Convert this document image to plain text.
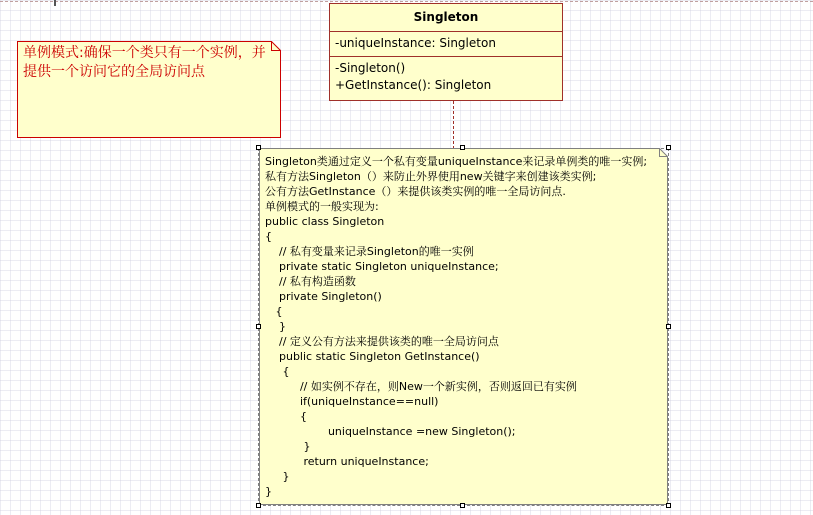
Singleton
-uniqueInstance: Singleton
-Singleton()
+GetInstance(): Singleton
单例模式:确保一个类只有一个实例，并提供一个访问它的全局访问点
Singleton类通过定义一个私有变量uniqueInstance来记录单例类的唯一实例;
私有方法Singleton（）来防止外界使用new关键字来创建该类实例;
公有方法GetInstance（）来提供该类实例的唯一全局访问点.
单例模式的一般实现为:
public class Singleton
{
// 私有变量来记录Singleton的唯一实例
private static Singleton uniqueInstance;
// 私有构造函数
private Singleton()
{
}
// 定义公有方法来提供该类的唯一全局访问点
public static Singleton GetInstance()
{
// 如实例不存在，则New一个新实例，否则返回已有实例
if(uniqueInstance==null)
{
uniqueInstance =new Singleton();
}
return uniqueInstance;
}
}
